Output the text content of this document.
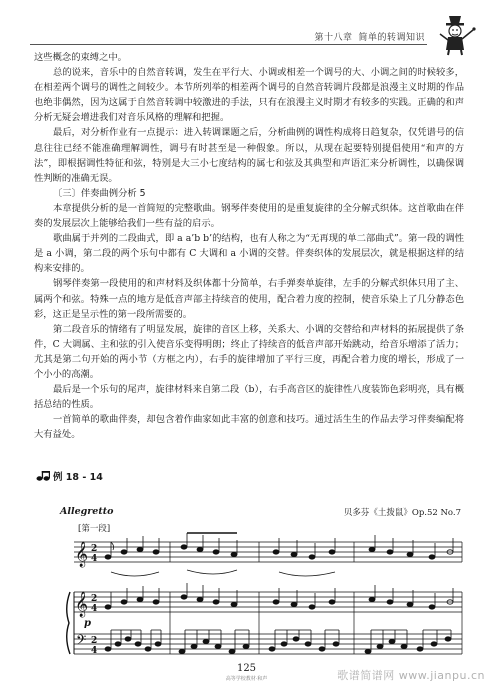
第十八章 简单的转调知识

这些概念的束缚之中。

总的说来，音乐中的自然音转调，发生在平行大、小调或相差一个调号的大、小调之间的时候较多，在相差两个调号的调性之间较少。本节所列举的相差两个调号的自然音转调片段都是浪漫主义时期的作品也绝非偶然，因为这属于自然音转调中较激进的手法，只有在浪漫主义时期才有较多的实践。正确的和声分析无疑会增进我们对音乐风格的理解和把握。

最后，对分析作业有一点提示：进入转调课题之后，分析曲例的调性构成将日趋复杂，仅凭谱号的信息往往已经不能准确理解调性，调号有时甚至是一种假象。所以，从现在起要特别提倡使用“和声的方法”，即根据调性特征和弦，特别是大三小七度结构的属七和弦及其典型和声语汇来分析调性，以确保调性判断的准确无误。

〔三〕伴奏曲例分析 5

本章提供分析的是一首简短的完整歌曲。钢琴伴奏使用的是重复旋律的全分解式织体。这首歌曲在伴奏的发展层次上能够给我们一些有益的启示。

歌曲属于并列的二段曲式，即 a a’b b’的结构，也有人称之为“无再现的单二部曲式”。第一段的调性是 a 小调，第二段的两个乐句中都有 C 大调和 a 小调的交替。伴奏织体的发展层次，就是根据这样的结构来安排的。

钢琴伴奏第一段使用的和声材料及织体都十分简单，右手弹奏单旋律，左手的分解式织体只用了主、属两个和弦。特殊一点的地方是低音声部主持续音的使用，配合着力度的控制，使音乐染上了几分静态色彩，这正是呈示性的第一段所需要的。

第二段音乐的情绪有了明显发展，旋律的音区上移，关系大、小调的交替给和声材料的拓展提供了条件，C 大调属、主和弦的引入使音乐变得明朗；终止了持续音的低音声部开始跳动，给音乐增添了活力；尤其是第二句开始的两小节（方框之内），右手的旋律增加了平行三度，再配合着力度的增长，形成了一个小小的高潮。

最后是一个乐句的尾声，旋律材料来自第二段（b），右手高音区的旋律性八度装饰色彩明亮，具有概括总结的性质。

一首简单的歌曲伴奏，却包含着作曲家如此丰富的创意和技巧。通过活生生的作品去学习伴奏编配将大有益处。

例 18 - 14
Allegretto	贝多芬《土拨鼠》Op.52 No.7
[第一段]
𝄞
𝄞
𝄢
2
4
2
4
2
4
p
125
高等学校教材·和声	歌谱简谱网 www.jianpu.cn
